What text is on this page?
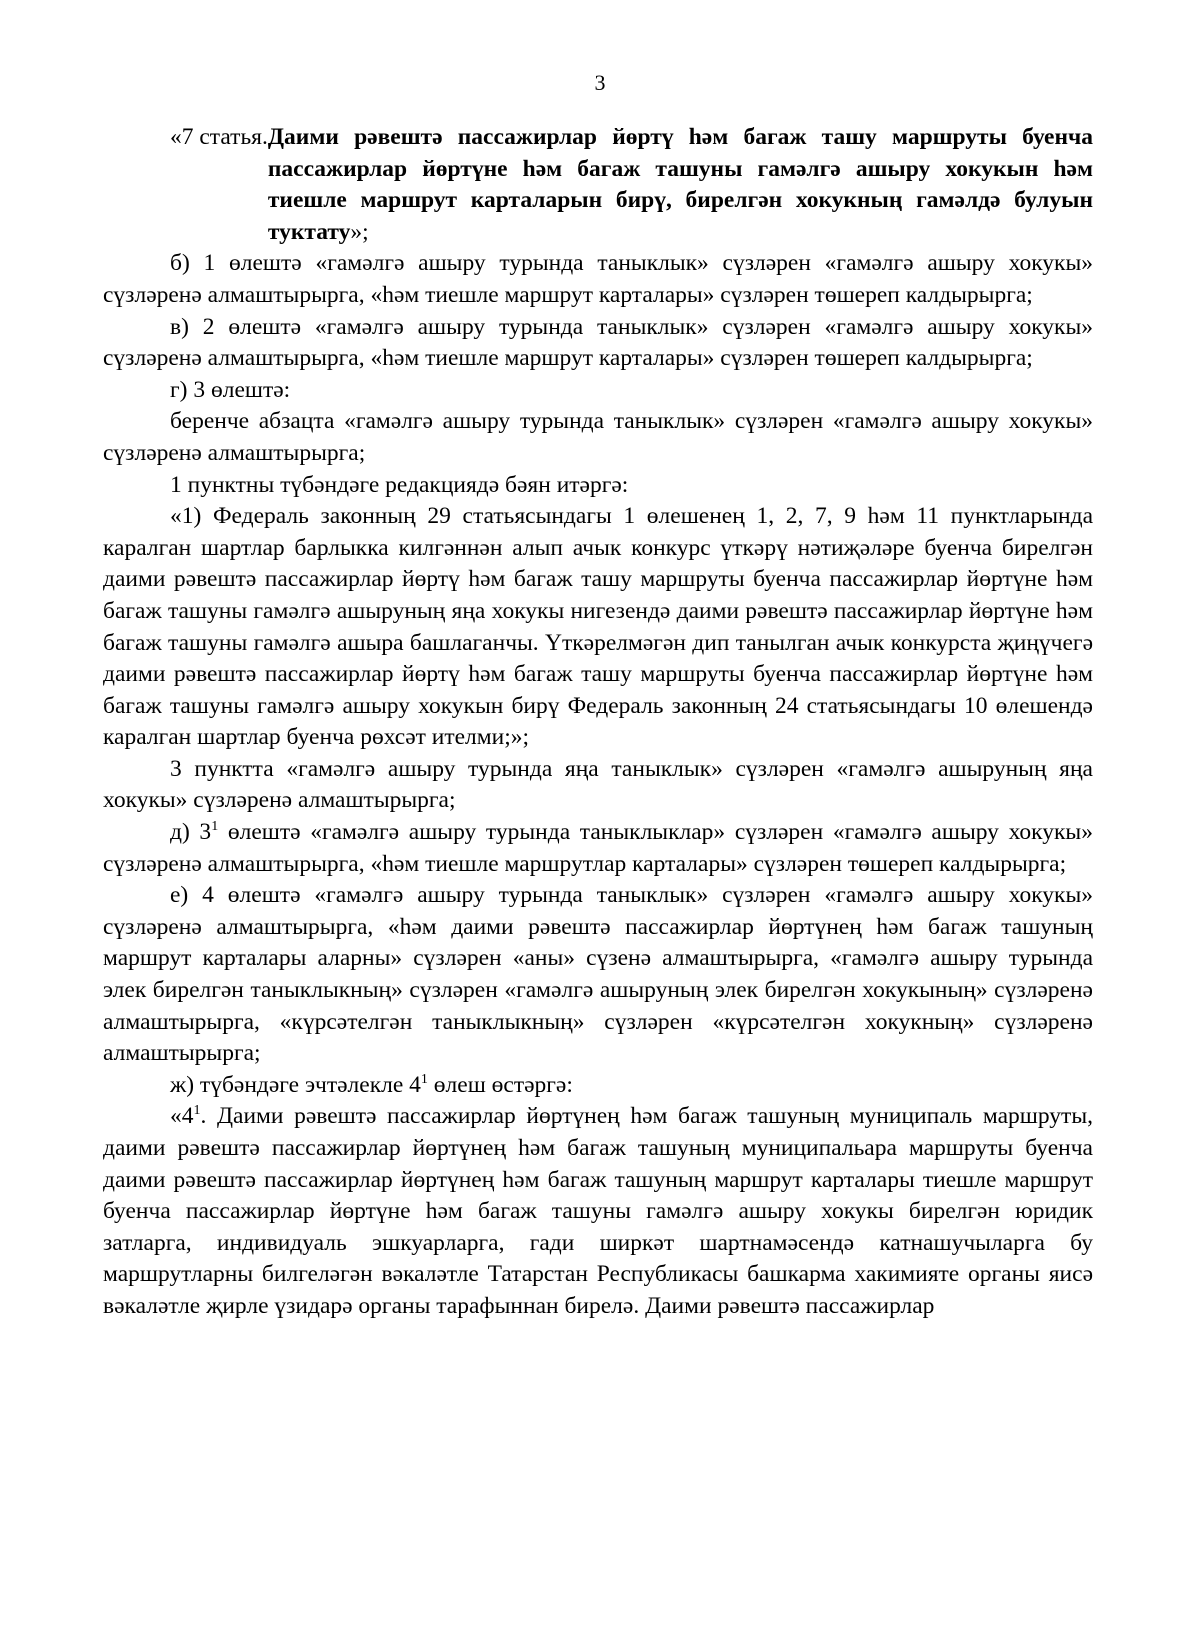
3
«7 статья. Даими рәвештә пассажирлар йөртү һәм багаж ташу маршруты буенча пассажирлар йөртүне һәм багаж ташуны гамәлгә ашыру хокукын һәм тиешле маршрут карталарын бирү, бирелгән хокукның гамәлдә булуын туктату»;

б) 1 өлештә «гамәлгә ашыру турында таныклык» сүзләрен «гамәлгә ашыру хокукы» сүзләренә алмаштырырга, «һәм тиешле маршрут карталары» сүзләрен төшереп калдырырга;

в) 2 өлештә «гамәлгә ашыру турында таныклык» сүзләрен «гамәлгә ашыру хокукы» сүзләренә алмаштырырга, «һәм тиешле маршрут карталары» сүзләрен төшереп калдырырга;

г) 3 өлештә:

беренче абзацта «гамәлгә ашыру турында таныклык» сүзләрен «гамәлгә ашыру хокукы» сүзләренә алмаштырырга;

1 пунктны түбәндәге редакциядә бәян итәргә:

«1) Федераль законның 29 статьясындагы 1 өлешенең 1, 2, 7, 9 һәм 11 пунктларында каралган шартлар барлыкка килгәннән алып ачык конкурс үткәрү нәтиҗәләре буенча бирелгән даими рәвештә пассажирлар йөртү һәм багаж ташу маршруты буенча пассажирлар йөртүне һәм багаж ташуны гамәлгә ашыруның яңа хокукы нигезендә даими рәвештә пассажирлар йөртүне һәм багаж ташуны гамәлгә ашыра башлаганчы. Үткәрелмәгән дип танылган ачык конкурста җиңүчегә даими рәвештә пассажирлар йөртү һәм багаж ташу маршруты буенча пассажирлар йөртүне һәм багаж ташуны гамәлгә ашыру хокукын бирү Федераль законның 24 статьясындагы 10 өлешендә каралган шартлар буенча рөхсәт ителми;»;

3 пунктта «гамәлгә ашыру турында яңа таныклык» сүзләрен «гамәлгә ашыруның яңа хокукы» сүзләренә алмаштырырга;

д) $3^1$ өлештә «гамәлгә ашыру турында таныклыклар» сүзләрен «гамәлгә ашыру хокукы» сүзләренә алмаштырырга, «һәм тиешле маршрутлар карталары» сүзләрен төшереп калдырырга;

е) 4 өлештә «гамәлгә ашыру турында таныклык» сүзләрен «гамәлгә ашыру хокукы» сүзләренә алмаштырырга, «һәм даими рәвештә пассажирлар йөртүнең һәм багаж ташуның маршрут карталары аларны» сүзләрен «аны» сүзенә алмаштырырга, «гамәлгә ашыру турында элек бирелгән таныклыкның» сүзләрен «гамәлгә ашыруның элек бирелгән хокукының» сүзләренә алмаштырырга, «күрсәтелгән таныклыкның» сүзләрен «күрсәтелгән хокукның» сүзләренә алмаштырырга;

ж) түбәндәге эчтәлекле $4^1$ өлеш өстәргә:

«$4^1$. Даими рәвештә пассажирлар йөртүнең һәм багаж ташуның муниципаль маршруты, даими рәвештә пассажирлар йөртүнең һәм багаж ташуның муниципальара маршруты буенча даими рәвештә пассажирлар йөртүнең һәм багаж ташуның маршрут карталары тиешле маршрут буенча пассажирлар йөртүне һәм багаж ташуны гамәлгә ашыру хокукы бирелгән юридик затларга, индивидуаль эшкуарларга, гади ширкәт шартнамәсендә катнашучыларга бу маршрутларны билгеләгән вәкаләтле Татарстан Республикасы башкарма хакимияте органы яисә вәкаләтле җирле үзидарә органы тарафыннан бирелә. Даими рәвештә пассажирлар
